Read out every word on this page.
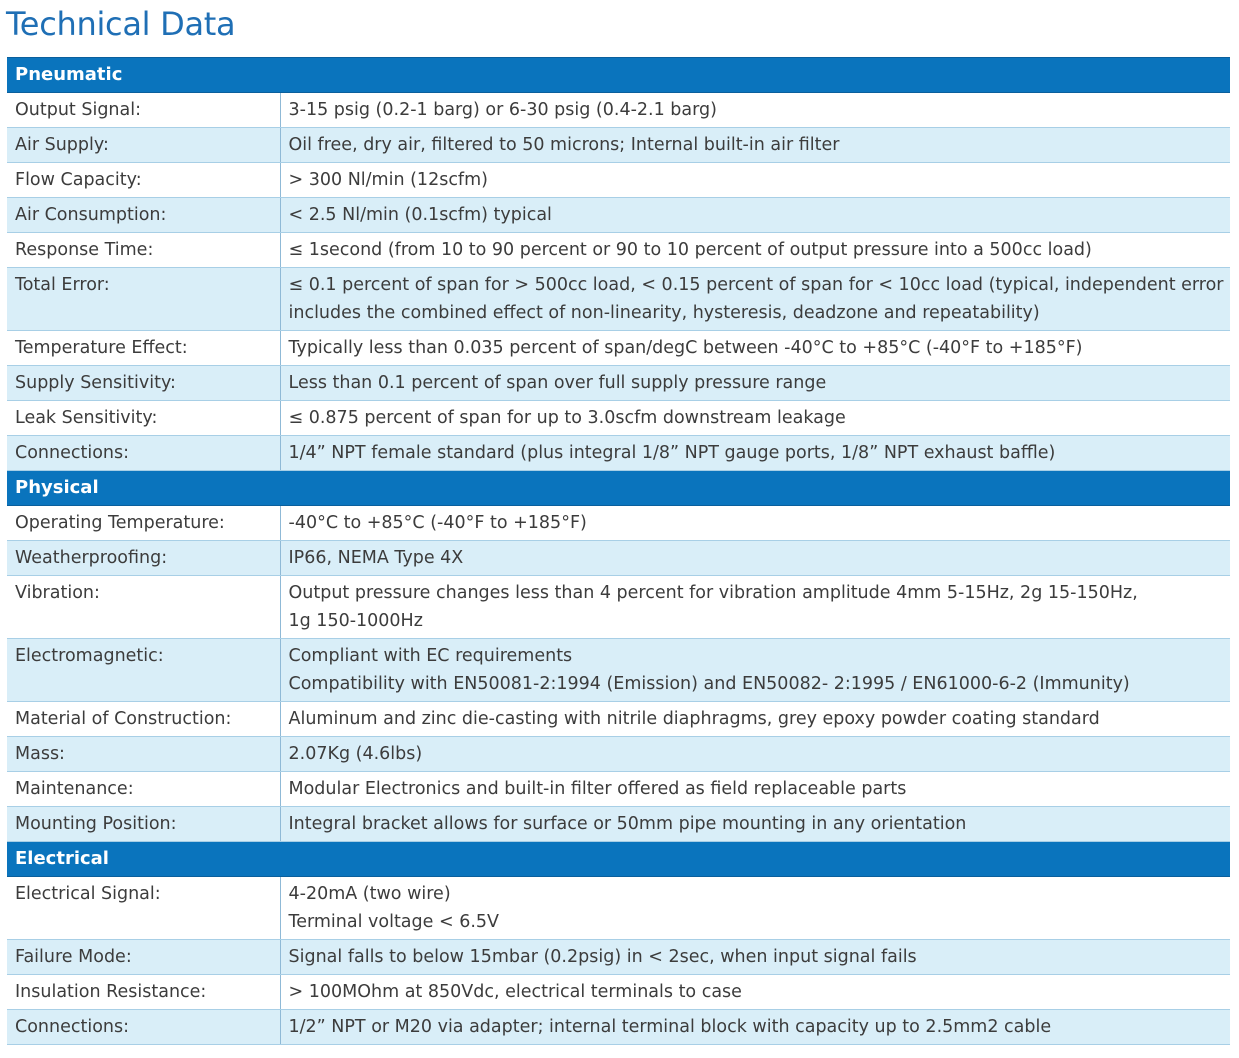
Technical Data
Pneumatic	
Output Signal:	3-15 psig (0.2-1 barg) or 6-30 psig (0.4-2.1 barg)

Air Supply:	Oil free, dry air, filtered to 50 microns; Internal built-in air filter

Flow Capacity:	> 300 Nl/min (12scfm)

Air Consumption:	< 2.5 Nl/min (0.1scfm) typical

Response Time:	≤ 1second (from 10 to 90 percent or 90 to 10 percent of output pressure into a 500cc load)

Total Error:	≤ 0.1 percent of span for > 500cc load, < 0.15 percent of span for < 10cc load (typical, independent error
includes the combined effect of non-linearity, hysteresis, deadzone and repeatability)

Temperature Effect:	Typically less than 0.035 percent of span/degC between -40°C to +85°C (-40°F to +185°F)

Supply Sensitivity:	Less than 0.1 percent of span over full supply pressure range

Leak Sensitivity:	≤ 0.875 percent of span for up to 3.0scfm downstream leakage

Connections:	1/4” NPT female standard (plus integral 1/8” NPT gauge ports, 1/8” NPT exhaust baffle)

Physical	
Operating Temperature:	-40°C to +85°C (-40°F to +185°F)

Weatherproofing:	IP66, NEMA Type 4X

Vibration:	Output pressure changes less than 4 percent for vibration amplitude 4mm 5-15Hz, 2g 15-150Hz,
1g 150-1000Hz

Electromagnetic:	Compliant with EC requirements
Compatibility with EN50081-2:1994 (Emission) and EN50082- 2:1995 / EN61000-6-2 (Immunity)

Material of Construction:	Aluminum and zinc die-casting with nitrile diaphragms, grey epoxy powder coating standard

Mass:	2.07Kg (4.6lbs)

Maintenance:	Modular Electronics and built-in filter offered as field replaceable parts

Mounting Position:	Integral bracket allows for surface or 50mm pipe mounting in any orientation

Electrical	
Electrical Signal:	4-20mA (two wire)
Terminal voltage < 6.5V

Failure Mode:	Signal falls to below 15mbar (0.2psig) in < 2sec, when input signal fails

Insulation Resistance:	> 100MOhm at 850Vdc, electrical terminals to case

Connections:	1/2” NPT or M20 via adapter; internal terminal block with capacity up to 2.5mm2 cable
